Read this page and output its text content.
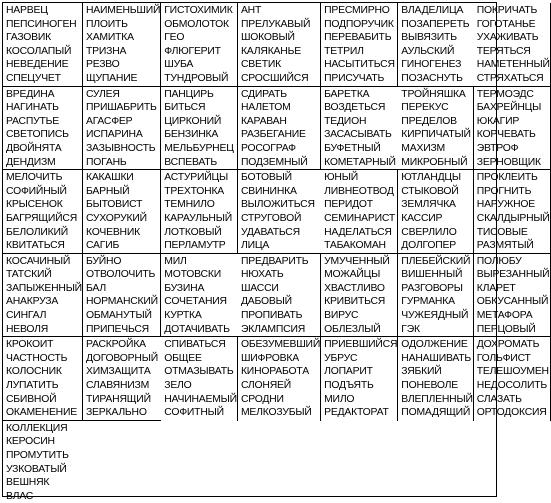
НАРВЕЦ
ПЕПСИНОГЕН
ГАЗОВИК
КОСОЛАПЫЙ
НЕВЕДЕНИЕ
СПЕЦУЧЕТ
НАИМЕНЬШИЙ
ПЛОИТЬ
ХАМИТКА
ТРИЗНА
РЕЗВО
ЩУПАНИЕ
ГИСТОХИМИК
ОБМОЛОТОК
ГЕО
ФЛЮГЕРИТ
ШУБА
ТУНДРОВЫЙ
АНТ
ПРЕЛУКАВЫЙ
ШОКОВЫЙ
КАЛЯКАНЬЕ
СВЕТИК
СРОСШИЙСЯ
ПРЕСМИРНО
ПОДПОРУЧИК
ПЕРЕВАБИТЬ
ТЕТРИЛ
НАСЫТИТЬСЯ
ПРИСУЧАТЬ
ВЛАДЕЛИЦА
ПОЗАПЕРЕТЬ
ВЫВЯЗИТЬ
АУЛЬСКИЙ
ГИНОГЕНЕЗ
ПОЗАСНУТЬ
ПОКРИЧАТЬ
ГОГОТАНЬЕ
УХАЖИВАТЬ
ТЕРЯТЬСЯ
НАМЕТЕННЫЙ
СТРЯХАТЬСЯ
ВРЕДИНА
НАГИНАТЬ
РАСПУТЬЕ
СВЕТОПИСЬ
ДВОЙНЯТА
ДЕНДИЗМ
СУЛЕЯ
ПРИШАБРИТЬ
АГАСФЕР
ИСПАРИНА
ЗАЗЫВНОСТЬ
ПОГАНЬ
ПАНЦИРЬ
БИТЬСЯ
ЦИРКОНИЙ
БЕНЗИНКА
МЕЛЬБУРНЕЦ
ВСПЕВАТЬ
СДИРАТЬ
НАЛЕТОМ
КАРАВАН
РАЗБЕГАНИЕ
РОСОГРАФ
ПОДЗЕМНЫЙ
БАРЕТКА
ВОЗДЕТЬСЯ
ТЕДИОН
ЗАСАСЫВАТЬ
БУФЕТНЫЙ
КОМЕТАРНЫЙ
ТРОЙНЯШКА
ПЕРЕКУС
ПРЕДЕЛОВ
КИРПИЧАТЫЙ
МАХИЗМ
МИКРОБНЫЙ
ТЕРМОЭДС
БАХРЕЙНЦЫ
ЮКАГИР
КОРЧЕВАТЬ
ЭВТРОФ
ЗЕРНОВЩИК
МЕЛОЧИТЬ
СОФИЙНЫЙ
КРЫСЕНОК
БАГРЯЩИЙСЯ
БЕЛОЛИКИЙ
КВИТАТЬСЯ
КАКАШКИ
БАРНЫЙ
БЫТОВИСТ
СУХОРУКИЙ
КОЧЕВНИК
САГИБ
АСТУРИЙЦЫ
ТРЕХТОНКА
ТЕМНИЛО
КАРАУЛЬНЫЙ
ЛОТКОВЫЙ
ПЕРЛАМУТР
БОТОВЫЙ
СВИНИНКА
ВЫЛОЖИТЬСЯ
СТРУГОВОЙ
УДАВАТЬСЯ
ЛИЦА
ЮНЫЙ
ЛИВНЕОТВОД
ПЕРИДОТ
СЕМИНАРИСТ
НАДЕЛАТЬСЯ
ТАБАКОМАН
ЮТЛАНДЦЫ
СТЫКОВОЙ
ЗЕМЛЯЧКА
КАССИР
СВЕРЛИЛО
ДОЛГОПЕР
ПРОКЛЕИТЬ
ПРОГНИТЬ
НАРУЖНОЕ
СКАЛДЫРНЫЙ
ТИСОВЫЕ
РАЗМЯТЫЙ
КОСАЧИНЫЙ
ТАТСКИЙ
ЗАПЫЖЕННЫЙ
АНАКРУЗА
СИНГАЛ
НЕВОЛЯ
БУЙНО
ОТВОЛОЧИТЬ
БАЛ
НОРМАНСКИЙ
ОБМАНУТЫЙ
ПРИПЕЧЬСЯ
МИЛ
МОТОВСКИ
БУЗИНА
СОЧЕТАНИЯ
КУРТКА
ДОТАЧИВАТЬ
ПРЕДВАРИТЬ
НЮХАТЬ
ШАССИ
ДАБОВЫЙ
ПРОПИВАТЬ
ЭКЛАМПСИЯ
УМУЧЕННЫЙ
МОЖАЙЦЫ
ХВАСТЛИВО
КРИВИТЬСЯ
ВИРУС
ОБЛЕЗЛЫЙ
ПЛЕБЕЙСКИЙ
ВИШЕННЫЙ
РАЗГОВОРЫ
ГУРМАНКА
ЧУЖЕЯДНЫЙ
ГЭК
ПОЛЮБУ
ВЫРЕЗАННЫЙ
КЛАРЕТ
ОБКУСАННЫЙ
МЕТАФОРА
ПЕРЦОВЫЙ
КРОКОИТ
ЧАСТНОСТЬ
КОЛОСНИК
ЛУПАТИТЬ
СБИВНОЙ
ОКАМЕНЕНИЕ
РАСКРОЙКА
ДОГОВОРНЫЙ
ХИМЗАЩИТА
СЛАВЯНИЗМ
ТИРАНЯЩИЙ
ЗЕРКАЛЬНО
СПИВАТЬСЯ
ОБЩЕЕ
ОТМАЗЫВАТЬ
ЗЕЛО
НАЧИНАЕМЫЙ
СОФИТНЫЙ
ОБЕЗУМЕВШИЙ
ШИФРОВКА
КИНОРАБОТА
СЛОНЯЕЙ
СРОДНИ
МЕЛКОЗУБЫЙ
ПРИЕВШИЙСЯ
УБРУС
ЛОПАРИТ
ПОДЪЯТЬ
МИЛО
РЕДАКТОРАТ
ОДОЛЖЕНИЕ
НАНАШИВАТЬ
ЗЯБКИЙ
ПОНЕВОЛЕ
ВЛЕПЛЕННЫЙ
ПОМАДЯЩИЙ
ДОХРОМАТЬ
ГОЛЬФИСТ
ТЕЛЕШОУМЕН
НЕДОСОЛИТЬ
СЛАЗАТЬ
ОРТОДОКСИЯ
КОЛЛЕКЦИЯ
КЕРОСИН
ПРОМУТИТЬ
УЗКОВАТЫЙ
ВЕШНЯК
ВЛАС
